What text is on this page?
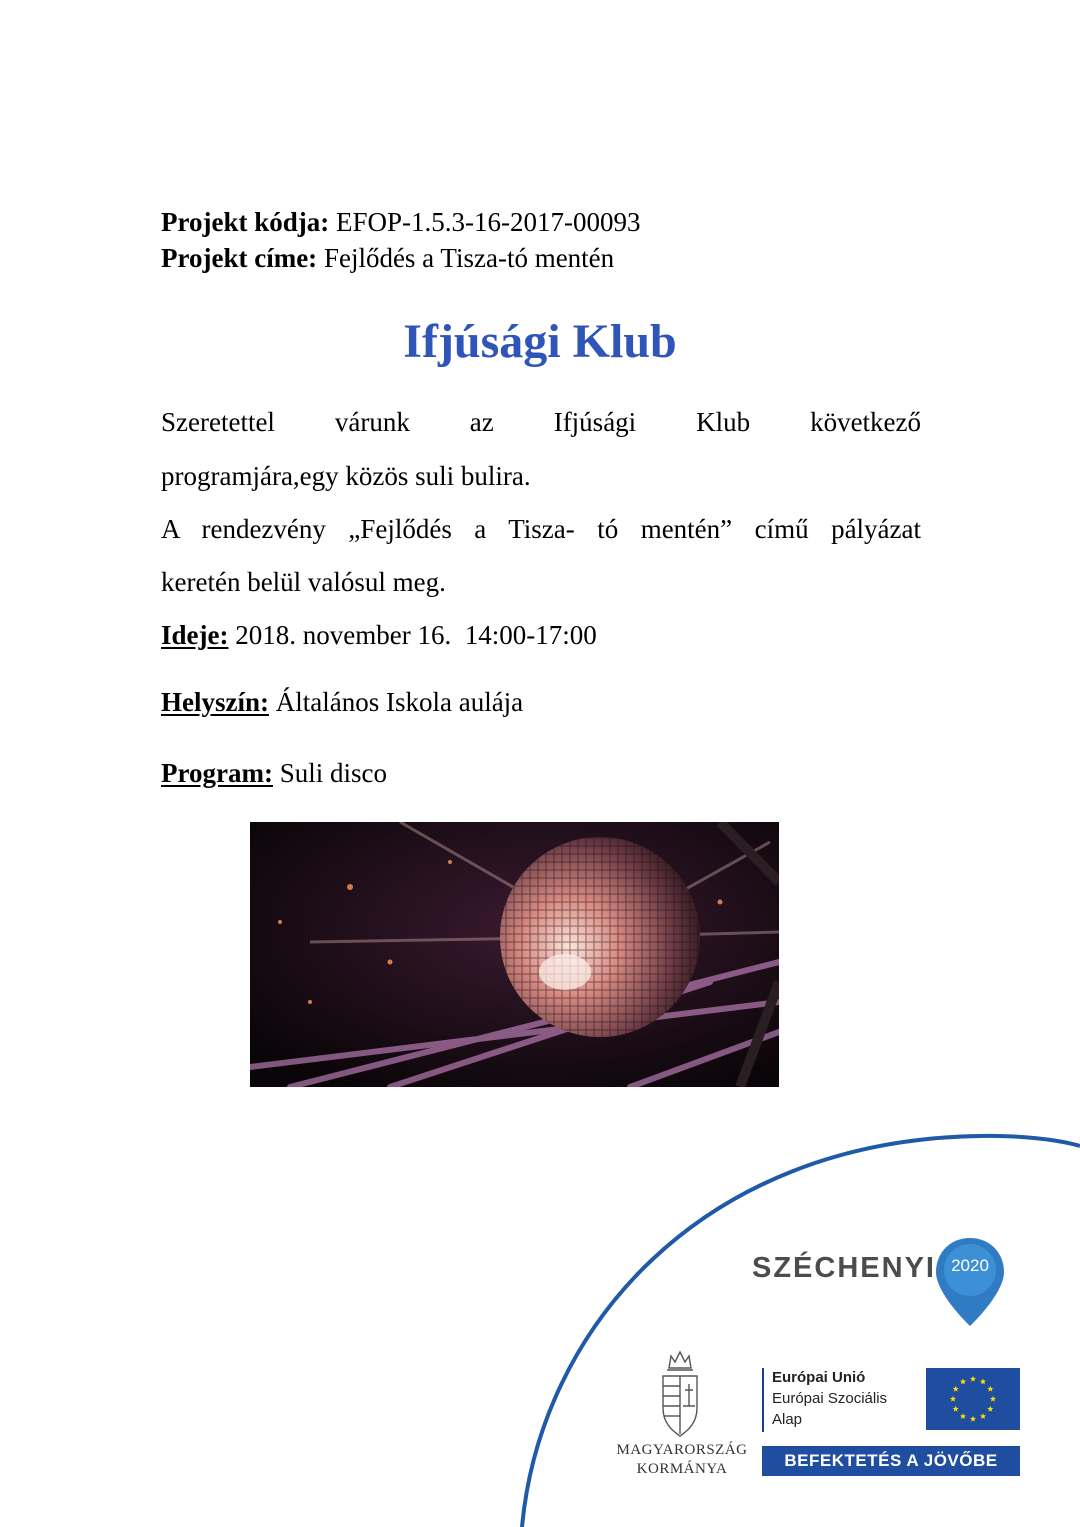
Projekt kódja: EFOP-1.5.3-16-2017-00093
Projekt címe: Fejlődés a Tisza-tó mentén
Ifjúsági Klub
Szeretettel várunk az Ifjúsági Klub következő
programjára,egy közös suli bulira.
A rendezvény „Fejlődés a Tisza- tó mentén” című pályázat
keretén belül valósul meg.
Ideje: 2018. november 16.  14:00-17:00
Helyszín: Általános Iskola aulája
Program: Suli disco
SZÉCHENYI 2020
MAGYARORSZÁG
KORMÁNYA
Európai Unió
Európai Szociális
Alap
BEFEKTETÉS A JÖVŐBE
